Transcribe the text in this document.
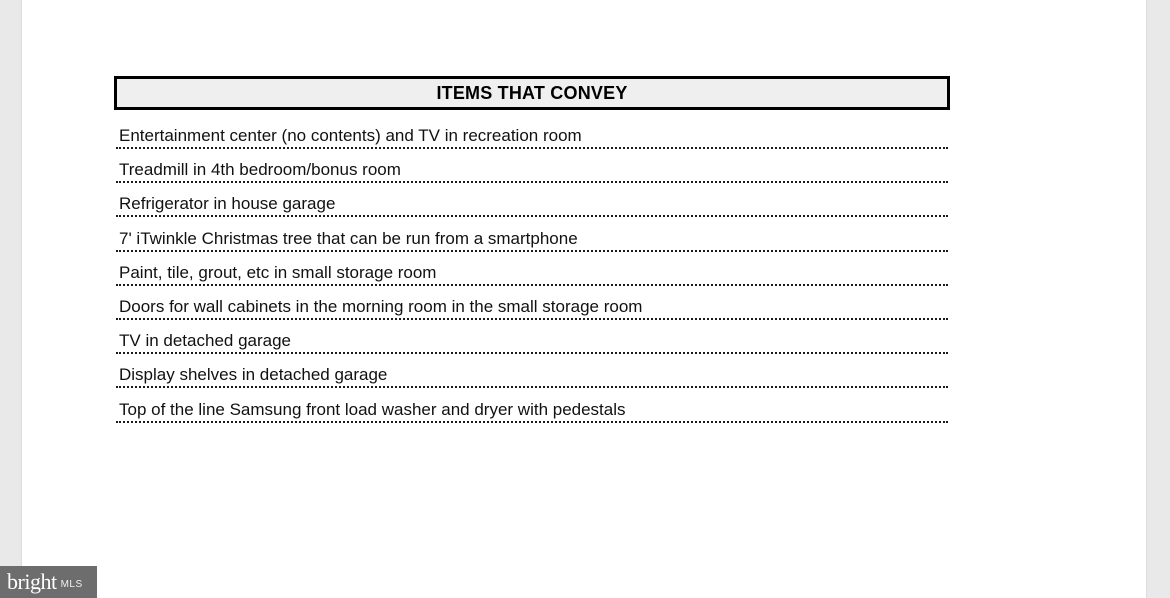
ITEMS THAT CONVEY
Entertainment center (no contents) and TV in recreation room
Treadmill in 4th bedroom/bonus room
Refrigerator in house garage
7' iTwinkle Christmas tree that can be run from a smartphone
Paint, tile, grout, etc in small storage room
Doors for wall cabinets in the morning room in the small storage room
TV in detached garage
Display shelves in detached garage
Top of the line Samsung front load washer and dryer with pedestals
bright MLS
